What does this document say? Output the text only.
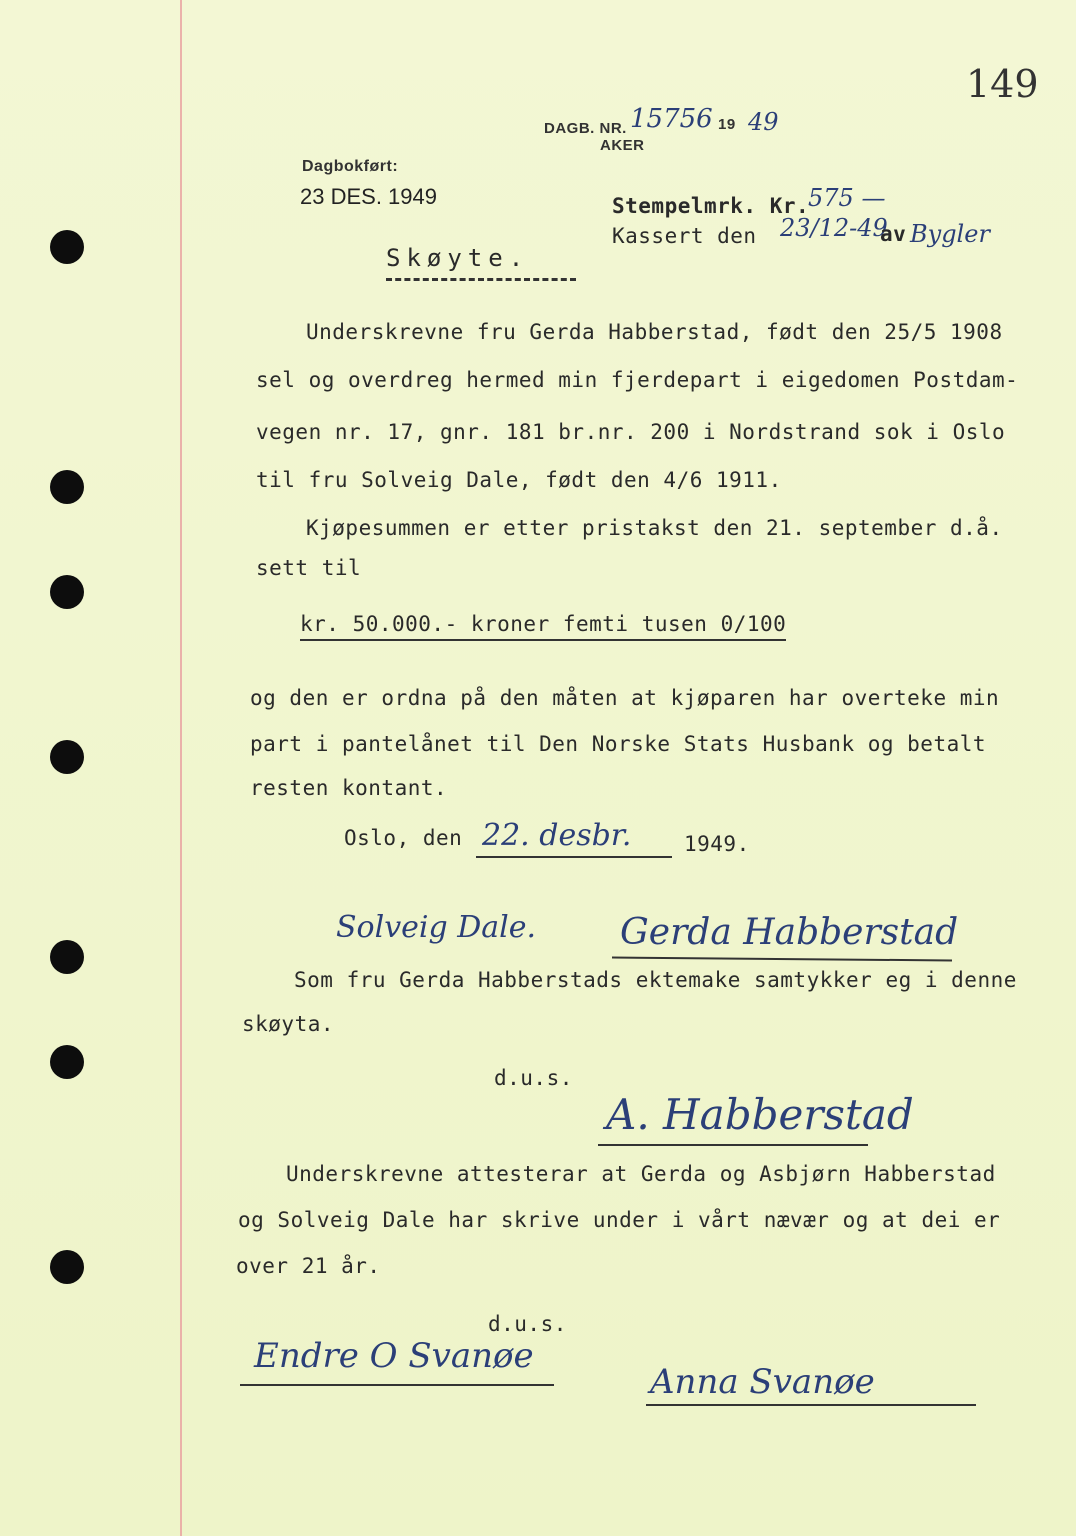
149
DAGB. NR. 15756 19 49
AKER
Dagbokført:
23 DES. 1949	Stempelmrk. Kr.
575 —
Kassert den 23/12-49
av Bygler
Skøyte.
Underskrevne fru Gerda Habberstad, født den 25/5 1908
sel og overdreg hermed min fjerdepart i eigedomen Postdam-
vegen nr. 17, gnr. 181 br.nr. 200 i Nordstrand sok i Oslo
til fru Solveig Dale, født den 4/6 1911.
Kjøpesummen er etter pristakst den 21. september d.å.
sett til
kr. 50.000.- kroner femti tusen 0/100
og den er ordna på den måten at kjøparen har overteke min
part i pantelånet til Den Norske Stats Husbank og betalt
resten kontant.
Oslo, den 22. desbr.	1949.
Solveig Dale. Gerda Habberstad
Som fru Gerda Habberstads ektemake samtykker eg i denne
skøyta.
d.u.s.
A. Habberstad
Underskrevne attesterar at Gerda og Asbjørn Habberstad
og Solveig Dale har skrive under i vårt nævær og at dei er
over 21 år.
d.u.s.
Endre O Svanøe
Anna Svanøe
